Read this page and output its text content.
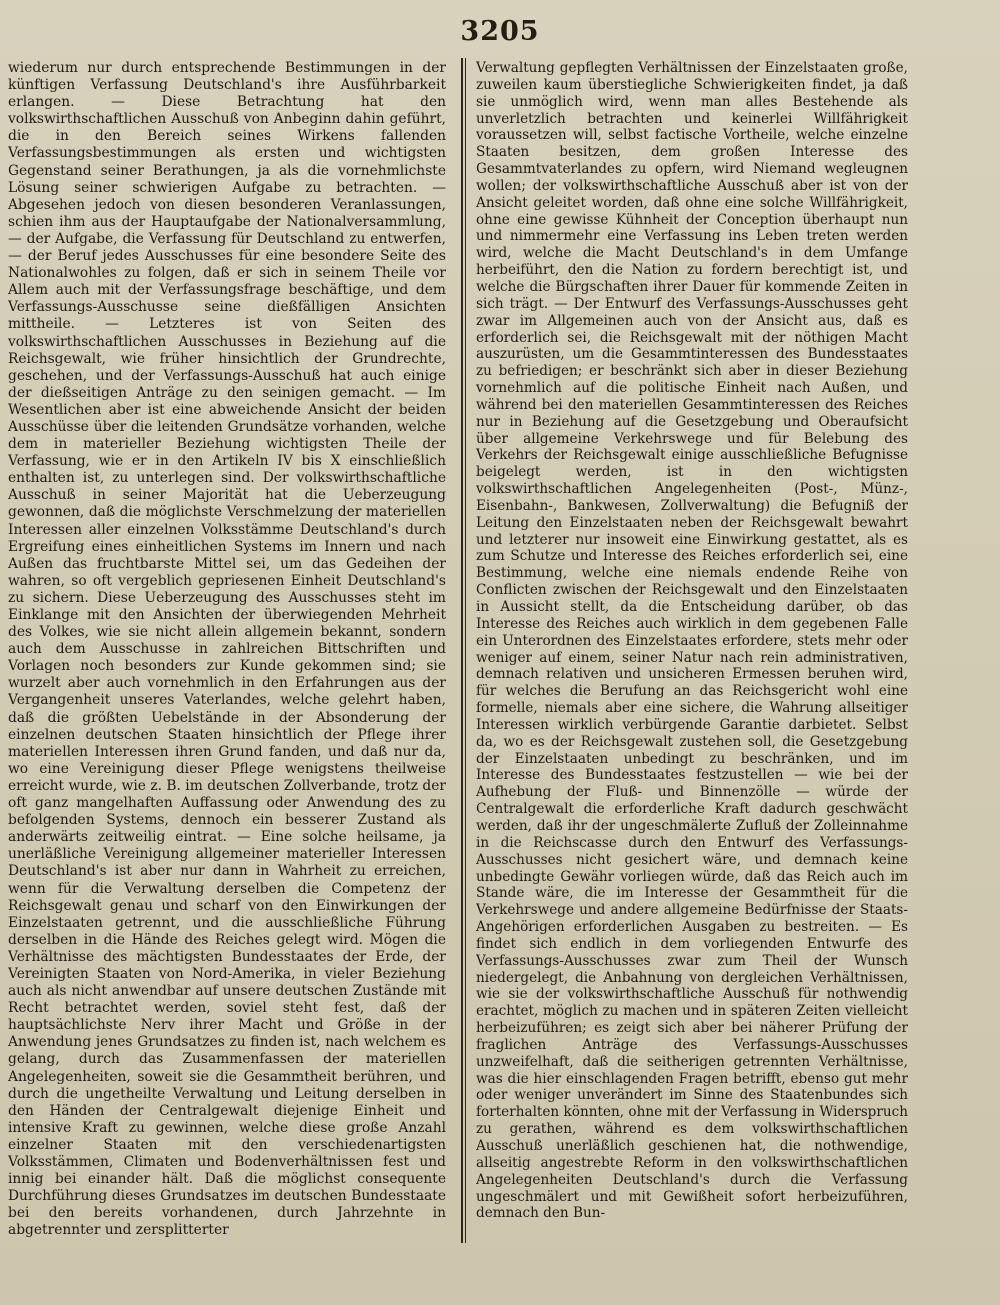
3205

wiederum nur durch entsprechende Bestimmungen in der künftigen Verfassung Deutschland's ihre Ausführbarkeit erlangen. — Diese Betrachtung hat den volkswirthschaftlichen Ausschuß von Anbeginn dahin geführt, die in den Bereich seines Wirkens fallenden Verfassungsbestimmungen als ersten und wichtigsten Gegenstand seiner Berathungen, ja als die vornehmlichste Lösung seiner schwierigen Aufgabe zu betrachten. — Abgesehen jedoch von diesen besonderen Veranlassungen, schien ihm aus der Hauptaufgabe der Nationalversammlung, — der Aufgabe, die Verfassung für Deutschland zu entwerfen, — der Beruf jedes Ausschusses für eine besondere Seite des Nationalwohles zu folgen, daß er sich in seinem Theile vor Allem auch mit der Verfassungsfrage beschäftige, und dem Verfassungs-Ausschusse seine dießfälligen Ansichten mittheile. — Letzteres ist von Seiten des volkswirthschaftlichen Ausschusses in Beziehung auf die Reichsgewalt, wie früher hinsichtlich der Grundrechte, geschehen, und der Verfassungs-Ausschuß hat auch einige der dießseitigen Anträge zu den seinigen gemacht. — Im Wesentlichen aber ist eine abweichende Ansicht der beiden Ausschüsse über die leitenden Grundsätze vorhanden, welche dem in materieller Beziehung wichtigsten Theile der Verfassung, wie er in den Artikeln IV bis X einschließlich enthalten ist, zu unterlegen sind. Der volkswirthschaftliche Ausschuß in seiner Majorität hat die Ueberzeugung gewonnen, daß die möglichste Verschmelzung der materiellen Interessen aller einzelnen Volksstämme Deutschland's durch Ergreifung eines einheitlichen Systems im Innern und nach Außen das fruchtbarste Mittel sei, um das Gedeihen der wahren, so oft vergeblich gepriesenen Einheit Deutschland's zu sichern. Diese Ueberzeugung des Ausschusses steht im Einklange mit den Ansichten der überwiegenden Mehrheit des Volkes, wie sie nicht allein allgemein bekannt, sondern auch dem Ausschusse in zahlreichen Bittschriften und Vorlagen noch besonders zur Kunde gekommen sind; sie wurzelt aber auch vornehmlich in den Erfahrungen aus der Vergangenheit unseres Vaterlandes, welche gelehrt haben, daß die größten Uebelstände in der Absonderung der einzelnen deutschen Staaten hinsichtlich der Pflege ihrer materiellen Interessen ihren Grund fanden, und daß nur da, wo eine Vereinigung dieser Pflege wenigstens theilweise erreicht wurde, wie z. B. im deutschen Zollverbande, trotz der oft ganz mangelhaften Auffassung oder Anwendung des zu befolgenden Systems, dennoch ein besserer Zustand als anderwärts zeitweilig eintrat. — Eine solche heilsame, ja unerläßliche Vereinigung allgemeiner materieller Interessen Deutschland's ist aber nur dann in Wahrheit zu erreichen, wenn für die Verwaltung derselben die Competenz der Reichsgewalt genau und scharf von den Einwirkungen der Einzelstaaten getrennt, und die ausschließliche Führung derselben in die Hände des Reiches gelegt wird. Mögen die Verhältnisse des mächtigsten Bundesstaates der Erde, der Vereinigten Staaten von Nord-Amerika, in vieler Beziehung auch als nicht anwendbar auf unsere deutschen Zustände mit Recht betrachtet werden, soviel steht fest, daß der hauptsächlichste Nerv ihrer Macht und Größe in der Anwendung jenes Grundsatzes zu finden ist, nach welchem es gelang, durch das Zusammenfassen der materiellen Angelegenheiten, soweit sie die Gesammtheit berühren, und durch die ungetheilte Verwaltung und Leitung derselben in den Händen der Centralgewalt diejenige Einheit und intensive Kraft zu gewinnen, welche diese große Anzahl einzelner Staaten mit den verschiedenartigsten Volksstämmen, Climaten und Bodenverhältnissen fest und innig bei einander hält. Daß die möglichst consequente Durchführung dieses Grundsatzes im deutschen Bundesstaate bei den bereits vorhandenen, durch Jahrzehnte in abgetrennter und zersplitterter

Verwaltung gepflegten Verhältnissen der Einzelstaaten große, zuweilen kaum überstiegliche Schwierigkeiten findet, ja daß sie unmöglich wird, wenn man alles Bestehende als unverletzlich betrachten und keinerlei Willfährigkeit voraussetzen will, selbst factische Vortheile, welche einzelne Staaten besitzen, dem großen Interesse des Gesammtvaterlandes zu opfern, wird Niemand wegleugnen wollen; der volkswirthschaftliche Ausschuß aber ist von der Ansicht geleitet worden, daß ohne eine solche Willfährigkeit, ohne eine gewisse Kühnheit der Conception überhaupt nun und nimmermehr eine Verfassung ins Leben treten werden wird, welche die Macht Deutschland's in dem Umfange herbeiführt, den die Nation zu fordern berechtigt ist, und welche die Bürgschaften ihrer Dauer für kommende Zeiten in sich trägt. — Der Entwurf des Verfassungs-Ausschusses geht zwar im Allgemeinen auch von der Ansicht aus, daß es erforderlich sei, die Reichsgewalt mit der nöthigen Macht auszurüsten, um die Gesammtinteressen des Bundesstaates zu befriedigen; er beschränkt sich aber in dieser Beziehung vornehmlich auf die politische Einheit nach Außen, und während bei den materiellen Gesammtinteressen des Reiches nur in Beziehung auf die Gesetzgebung und Oberaufsicht über allgemeine Verkehrswege und für Belebung des Verkehrs der Reichsgewalt einige ausschließliche Befugnisse beigelegt werden, ist in den wichtigsten volkswirthschaftlichen Angelegenheiten (Post-, Münz-, Eisenbahn-, Bankwesen, Zollverwaltung) die Befugniß der Leitung den Einzelstaaten neben der Reichsgewalt bewahrt und letzterer nur insoweit eine Einwirkung gestattet, als es zum Schutze und Interesse des Reiches erforderlich sei, eine Bestimmung, welche eine niemals endende Reihe von Conflicten zwischen der Reichsgewalt und den Einzelstaaten in Aussicht stellt, da die Entscheidung darüber, ob das Interesse des Reiches auch wirklich in dem gegebenen Falle ein Unterordnen des Einzelstaates erfordere, stets mehr oder weniger auf einem, seiner Natur nach rein administrativen, demnach relativen und unsicheren Ermessen beruhen wird, für welches die Berufung an das Reichsgericht wohl eine formelle, niemals aber eine sichere, die Wahrung allseitiger Interessen wirklich verbürgende Garantie darbietet. Selbst da, wo es der Reichsgewalt zustehen soll, die Gesetzgebung der Einzelstaaten unbedingt zu beschränken, und im Interesse des Bundesstaates festzustellen — wie bei der Aufhebung der Fluß- und Binnenzölle — würde der Centralgewalt die erforderliche Kraft dadurch geschwächt werden, daß ihr der ungeschmälerte Zufluß der Zolleinnahme in die Reichscasse durch den Entwurf des Verfassungs-Ausschusses nicht gesichert wäre, und demnach keine unbedingte Gewähr vorliegen würde, daß das Reich auch im Stande wäre, die im Interesse der Gesammtheit für die Verkehrswege und andere allgemeine Bedürfnisse der Staats-Angehörigen erforderlichen Ausgaben zu bestreiten. — Es findet sich endlich in dem vorliegenden Entwurfe des Verfassungs-Ausschusses zwar zum Theil der Wunsch niedergelegt, die Anbahnung von dergleichen Verhältnissen, wie sie der volkswirthschaftliche Ausschuß für nothwendig erachtet, möglich zu machen und in späteren Zeiten vielleicht herbeizuführen; es zeigt sich aber bei näherer Prüfung der fraglichen Anträge des Verfassungs-Ausschusses unzweifelhaft, daß die seitherigen getrennten Verhältnisse, was die hier einschlagenden Fragen betrifft, ebenso gut mehr oder weniger unverändert im Sinne des Staatenbundes sich forterhalten könnten, ohne mit der Verfassung in Widerspruch zu gerathen, während es dem volkswirthschaftlichen Ausschuß unerläßlich geschienen hat, die nothwendige, allseitig angestrebte Reform in den volkswirthschaftlichen Angelegenheiten Deutschland's durch die Verfassung ungeschmälert und mit Gewißheit sofort herbeizuführen, demnach den Bun-
